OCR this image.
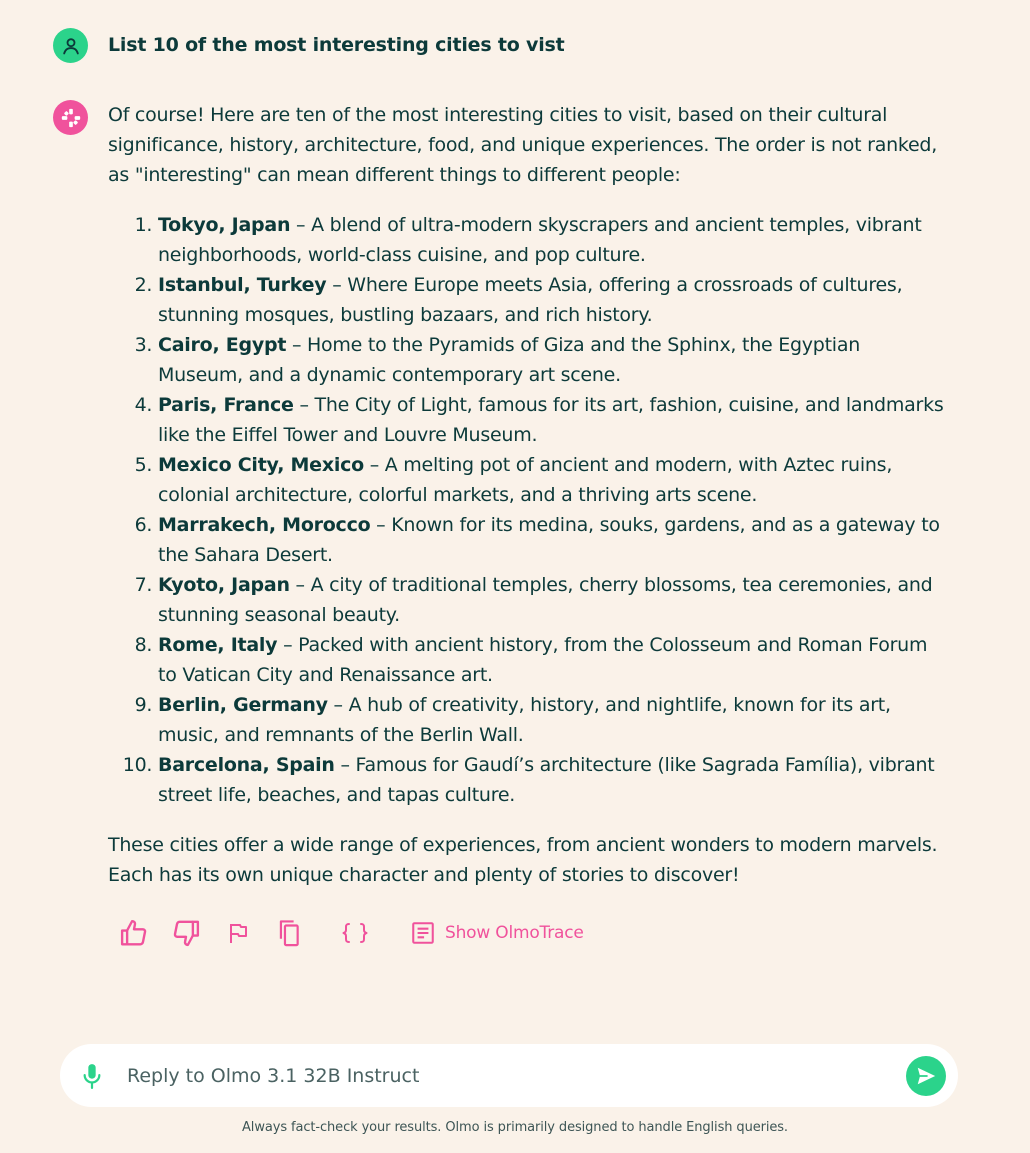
List 10 of the most interesting cities to vist

Of course! Here are ten of the most interesting cities to visit, based on their cultural significance, history, architecture, food, and unique experiences. The order is not ranked, as "interesting" can mean different things to different people:

1. Tokyo, Japan – A blend of ultra-modern skyscrapers and ancient temples, vibrant neighborhoods, world-class cuisine, and pop culture.
2. Istanbul, Turkey – Where Europe meets Asia, offering a crossroads of cultures, stunning mosques, bustling bazaars, and rich history.
3. Cairo, Egypt – Home to the Pyramids of Giza and the Sphinx, the Egyptian Museum, and a dynamic contemporary art scene.
4. Paris, France – The City of Light, famous for its art, fashion, cuisine, and landmarks like the Eiffel Tower and Louvre Museum.
5. Mexico City, Mexico – A melting pot of ancient and modern, with Aztec ruins, colonial architecture, colorful markets, and a thriving arts scene.
6. Marrakech, Morocco – Known for its medina, souks, gardens, and as a gateway to the Sahara Desert.
7. Kyoto, Japan – A city of traditional temples, cherry blossoms, tea ceremonies, and stunning seasonal beauty.
8. Rome, Italy – Packed with ancient history, from the Colosseum and Roman Forum to Vatican City and Renaissance art.
9. Berlin, Germany – A hub of creativity, history, and nightlife, known for its art, music, and remnants of the Berlin Wall.
10. Barcelona, Spain – Famous for Gaudí’s architecture (like Sagrada Família), vibrant street life, beaches, and tapas culture.

These cities offer a wide range of experiences, from ancient wonders to modern marvels. Each has its own unique character and plenty of stories to discover!

Show OlmoTrace
Reply to Olmo 3.1 32B Instruct
Always fact-check your results. Olmo is primarily designed to handle English queries.
